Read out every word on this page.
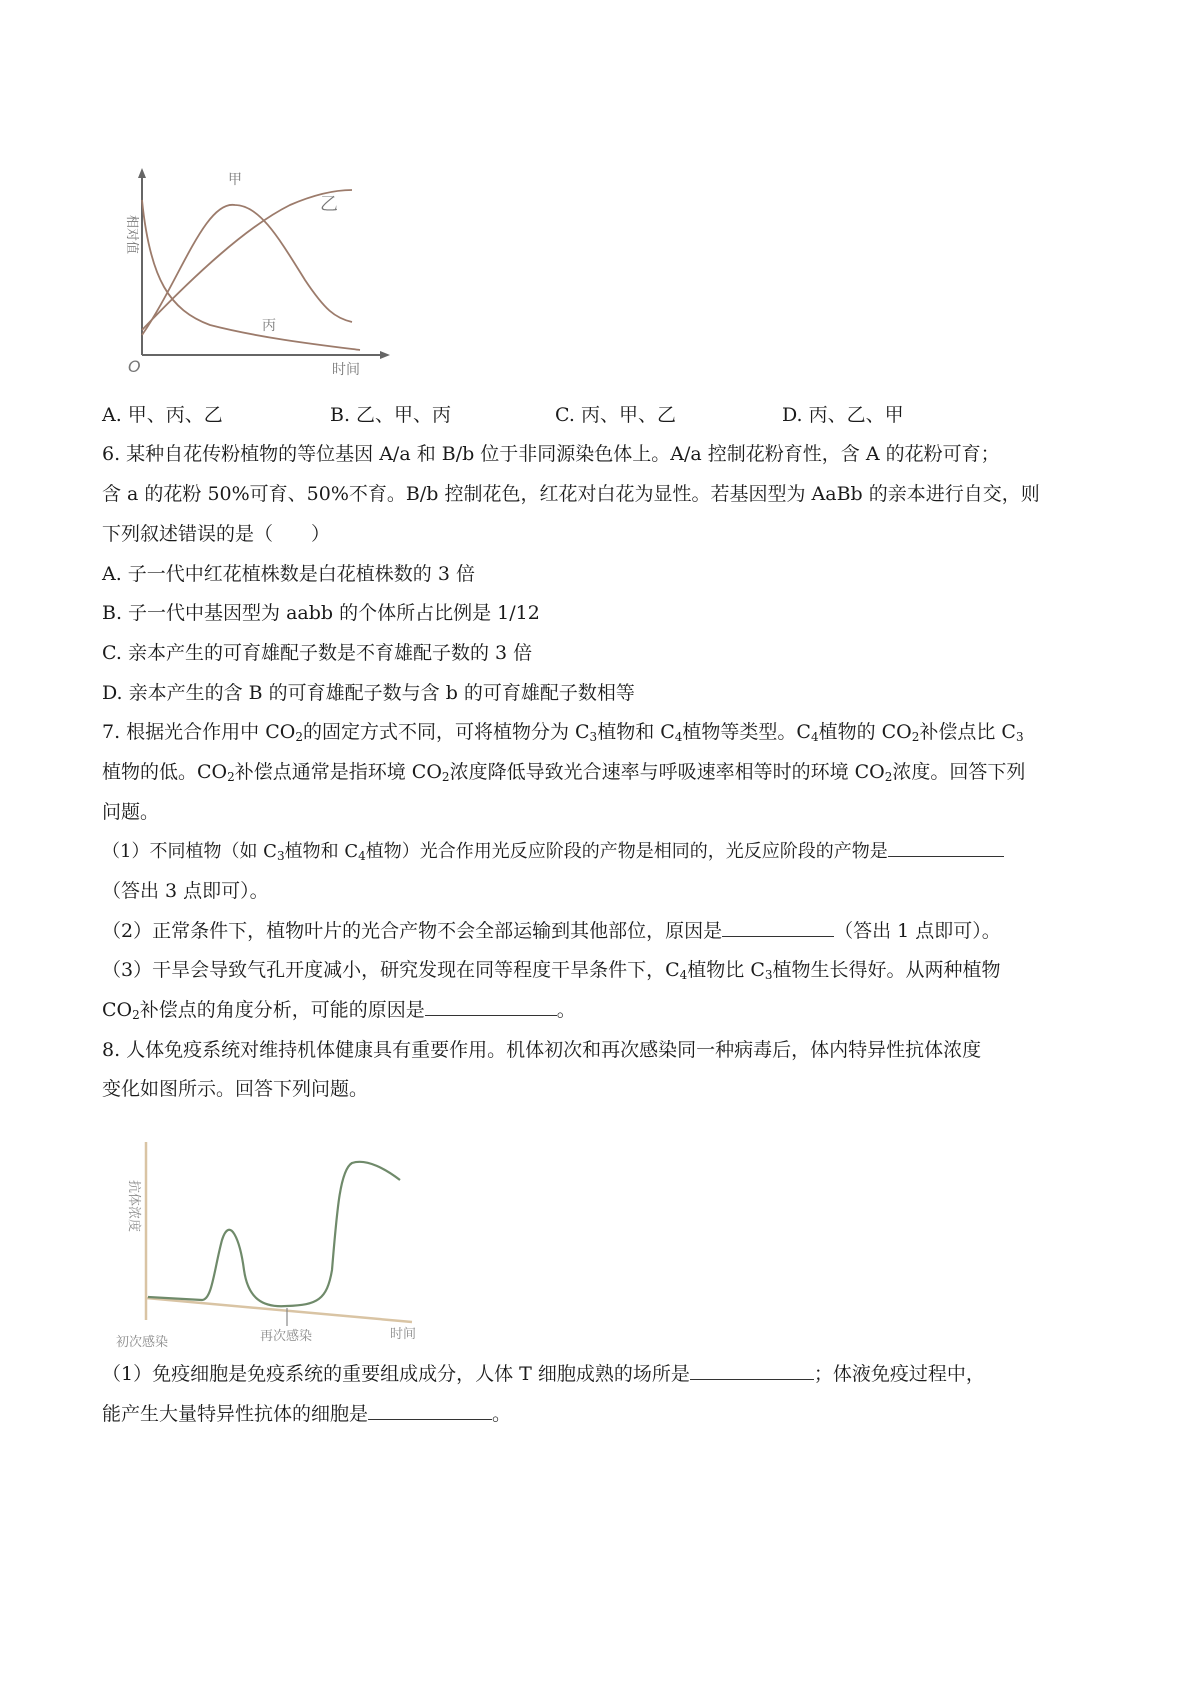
相对值
时间
O
甲
乙
丙
A. 甲、丙、乙	B. 乙、甲、丙	C. 丙、甲、乙	D. 丙、乙、甲
6. 某种自花传粉植物的等位基因 A/a 和 B/b 位于非同源染色体上。A/a 控制花粉育性，含 A 的花粉可育；
含 a 的花粉 50%可育、50%不育。B/b 控制花色，红花对白花为显性。若基因型为 AaBb 的亲本进行自交，则
下列叙述错误的是（　　）
A. 子一代中红花植株数是白花植株数的 3 倍
B. 子一代中基因型为 aabb 的个体所占比例是 1/12
C. 亲本产生的可育雄配子数是不育雄配子数的 3 倍
D. 亲本产生的含 B 的可育雄配子数与含 b 的可育雄配子数相等
7. 根据光合作用中 $CO_2$的固定方式不同，可将植物分为 $C_3$植物和 $C_4$植物等类型。$C_4$植物的 $CO_2$补偿点比 $C_3$
植物的低。$CO_2$补偿点通常是指环境 $CO_2$浓度降低导致光合速率与呼吸速率相等时的环境 $CO_2$浓度。回答下列
问题。
（1）不同植物（如 $C_3$植物和 $C_4$植物）光合作用光反应阶段的产物是相同的，光反应阶段的产物是
（答出 3 点即可）。
（2）正常条件下，植物叶片的光合产物不会全部运输到其他部位，原因是	（答出 1 点即可）。
（3）干旱会导致气孔开度减小，研究发现在同等程度干旱条件下，$C_4$植物比 $C_3$植物生长得好。从两种植物
$CO_2$补偿点的角度分析，可能的原因是	。
8. 人体免疫系统对维持机体健康具有重要作用。机体初次和再次感染同一种病毒后，体内特异性抗体浓度
变化如图所示。回答下列问题。
抗体浓度
初次感染	再次感染	时间
（1）免疫细胞是免疫系统的重要组成成分，人体 T 细胞成熟的场所是	；体液免疫过程中，
能产生大量特异性抗体的细胞是	。
